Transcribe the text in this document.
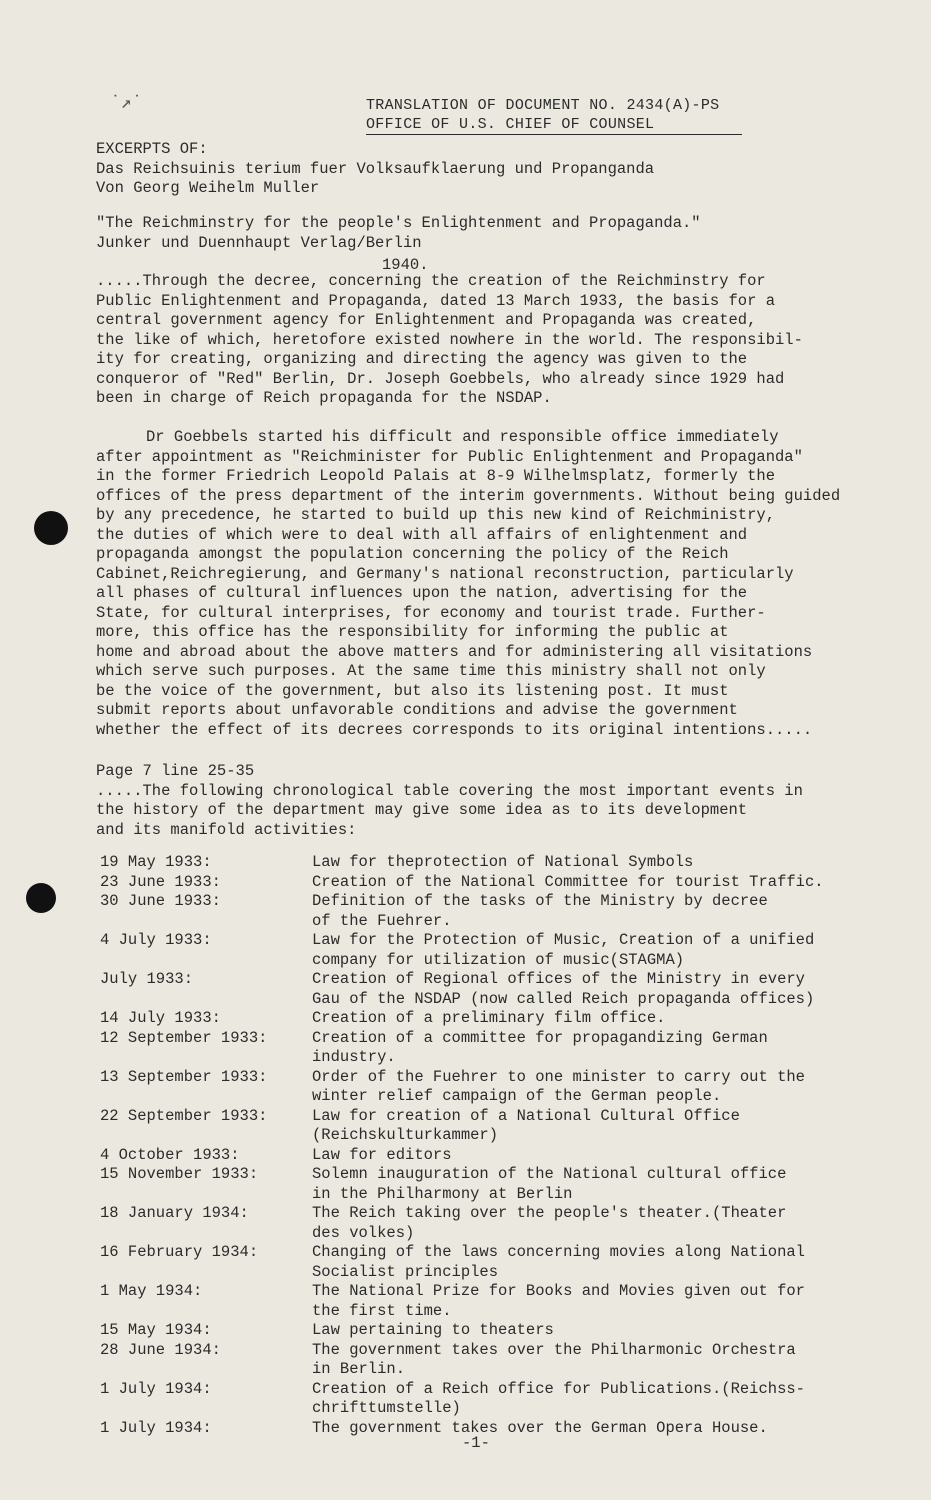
˙↗˙	TRANSLATION OF DOCUMENT NO. 2434(A)-PS
OFFICE OF U.S. CHIEF OF COUNSEL
EXCERPTS OF:
Das Reichsuinis terium fuer Volksaufklaerung und Propanganda
Von Georg Weihelm Muller
"The Reichminstry for the people's Enlightenment and Propaganda."
Junker und Duennhaupt Verlag/Berlin
1940.

.....Through the decree, concerning the creation of the Reichminstry for
Public Enlightenment and Propaganda, dated 13 March 1933, the basis for a
central government agency for Enlightenment and Propaganda was created,
the like of which, heretofore existed nowhere in the world. The responsibil-
ity for creating, organizing and directing the agency was given to the
conqueror of "Red" Berlin, Dr. Joseph Goebbels, who already since 1929 had
been in charge of Reich propaganda for the NSDAP.

Dr Goebbels started his difficult and responsible office immediately
after appointment as "Reichminister for Public Enlightenment and Propaganda"
in the former Friedrich Leopold Palais at 8-9 Wilhelmsplatz, formerly the
offices of the press department of the interim governments. Without being guided
by any precedence, he started to build up this new kind of Reichministry,
the duties of which were to deal with all affairs of enlightenment and
propaganda amongst the population concerning the policy of the Reich
Cabinet,Reichregierung, and Germany's national reconstruction, particularly
all phases of cultural influences upon the nation, advertising for the
State, for cultural interprises, for economy and tourist trade. Further-
more, this office has the responsibility for informing the public at
home and abroad about the above matters and for administering all visitations
which serve such purposes. At the same time this ministry shall not only
be the voice of the government, but also its listening post. It must
submit reports about unfavorable conditions and advise the government
whether the effect of its decrees corresponds to its original intentions.....

Page 7 line 25-35

.....The following chronological table covering the most important events in
the history of the department may give some idea as to its development
and its manifold activities:

19 May 1933:	Law for theprotection of National Symbols
23 June 1933:	Creation of the National Committee for tourist Traffic.
30 June 1933:	Definition of the tasks of the Ministry by decree
of the Fuehrer.
4 July 1933:	Law for the Protection of Music, Creation of a unified
company for utilization of music(STAGMA)
July 1933:	Creation of Regional offices of the Ministry in every
Gau of the NSDAP (now called Reich propaganda offices)
14 July 1933:	Creation of a preliminary film office.
12 September 1933:	Creation of a committee for propagandizing German
industry.
13 September 1933:	Order of the Fuehrer to one minister to carry out the
winter relief campaign of the German people.
22 September 1933:	Law for creation of a National Cultural Office
(Reichskulturkammer)
4 October 1933:	Law for editors
15 November 1933:	Solemn inauguration of the National cultural office
in the Philharmony at Berlin
18 January 1934:	The Reich taking over the people's theater.(Theater
des volkes)
16 February 1934:	Changing of the laws concerning movies along National
Socialist principles
1 May 1934:	The National Prize for Books and Movies given out for
the first time.
15 May 1934:	Law pertaining to theaters
28 June 1934:	The government takes over the Philharmonic Orchestra
in Berlin.
1 July 1934:	Creation of a Reich office for Publications.(Reichss-
chrifttumstelle)
1 July 1934:	The government takes over the German Opera House.
-1-
